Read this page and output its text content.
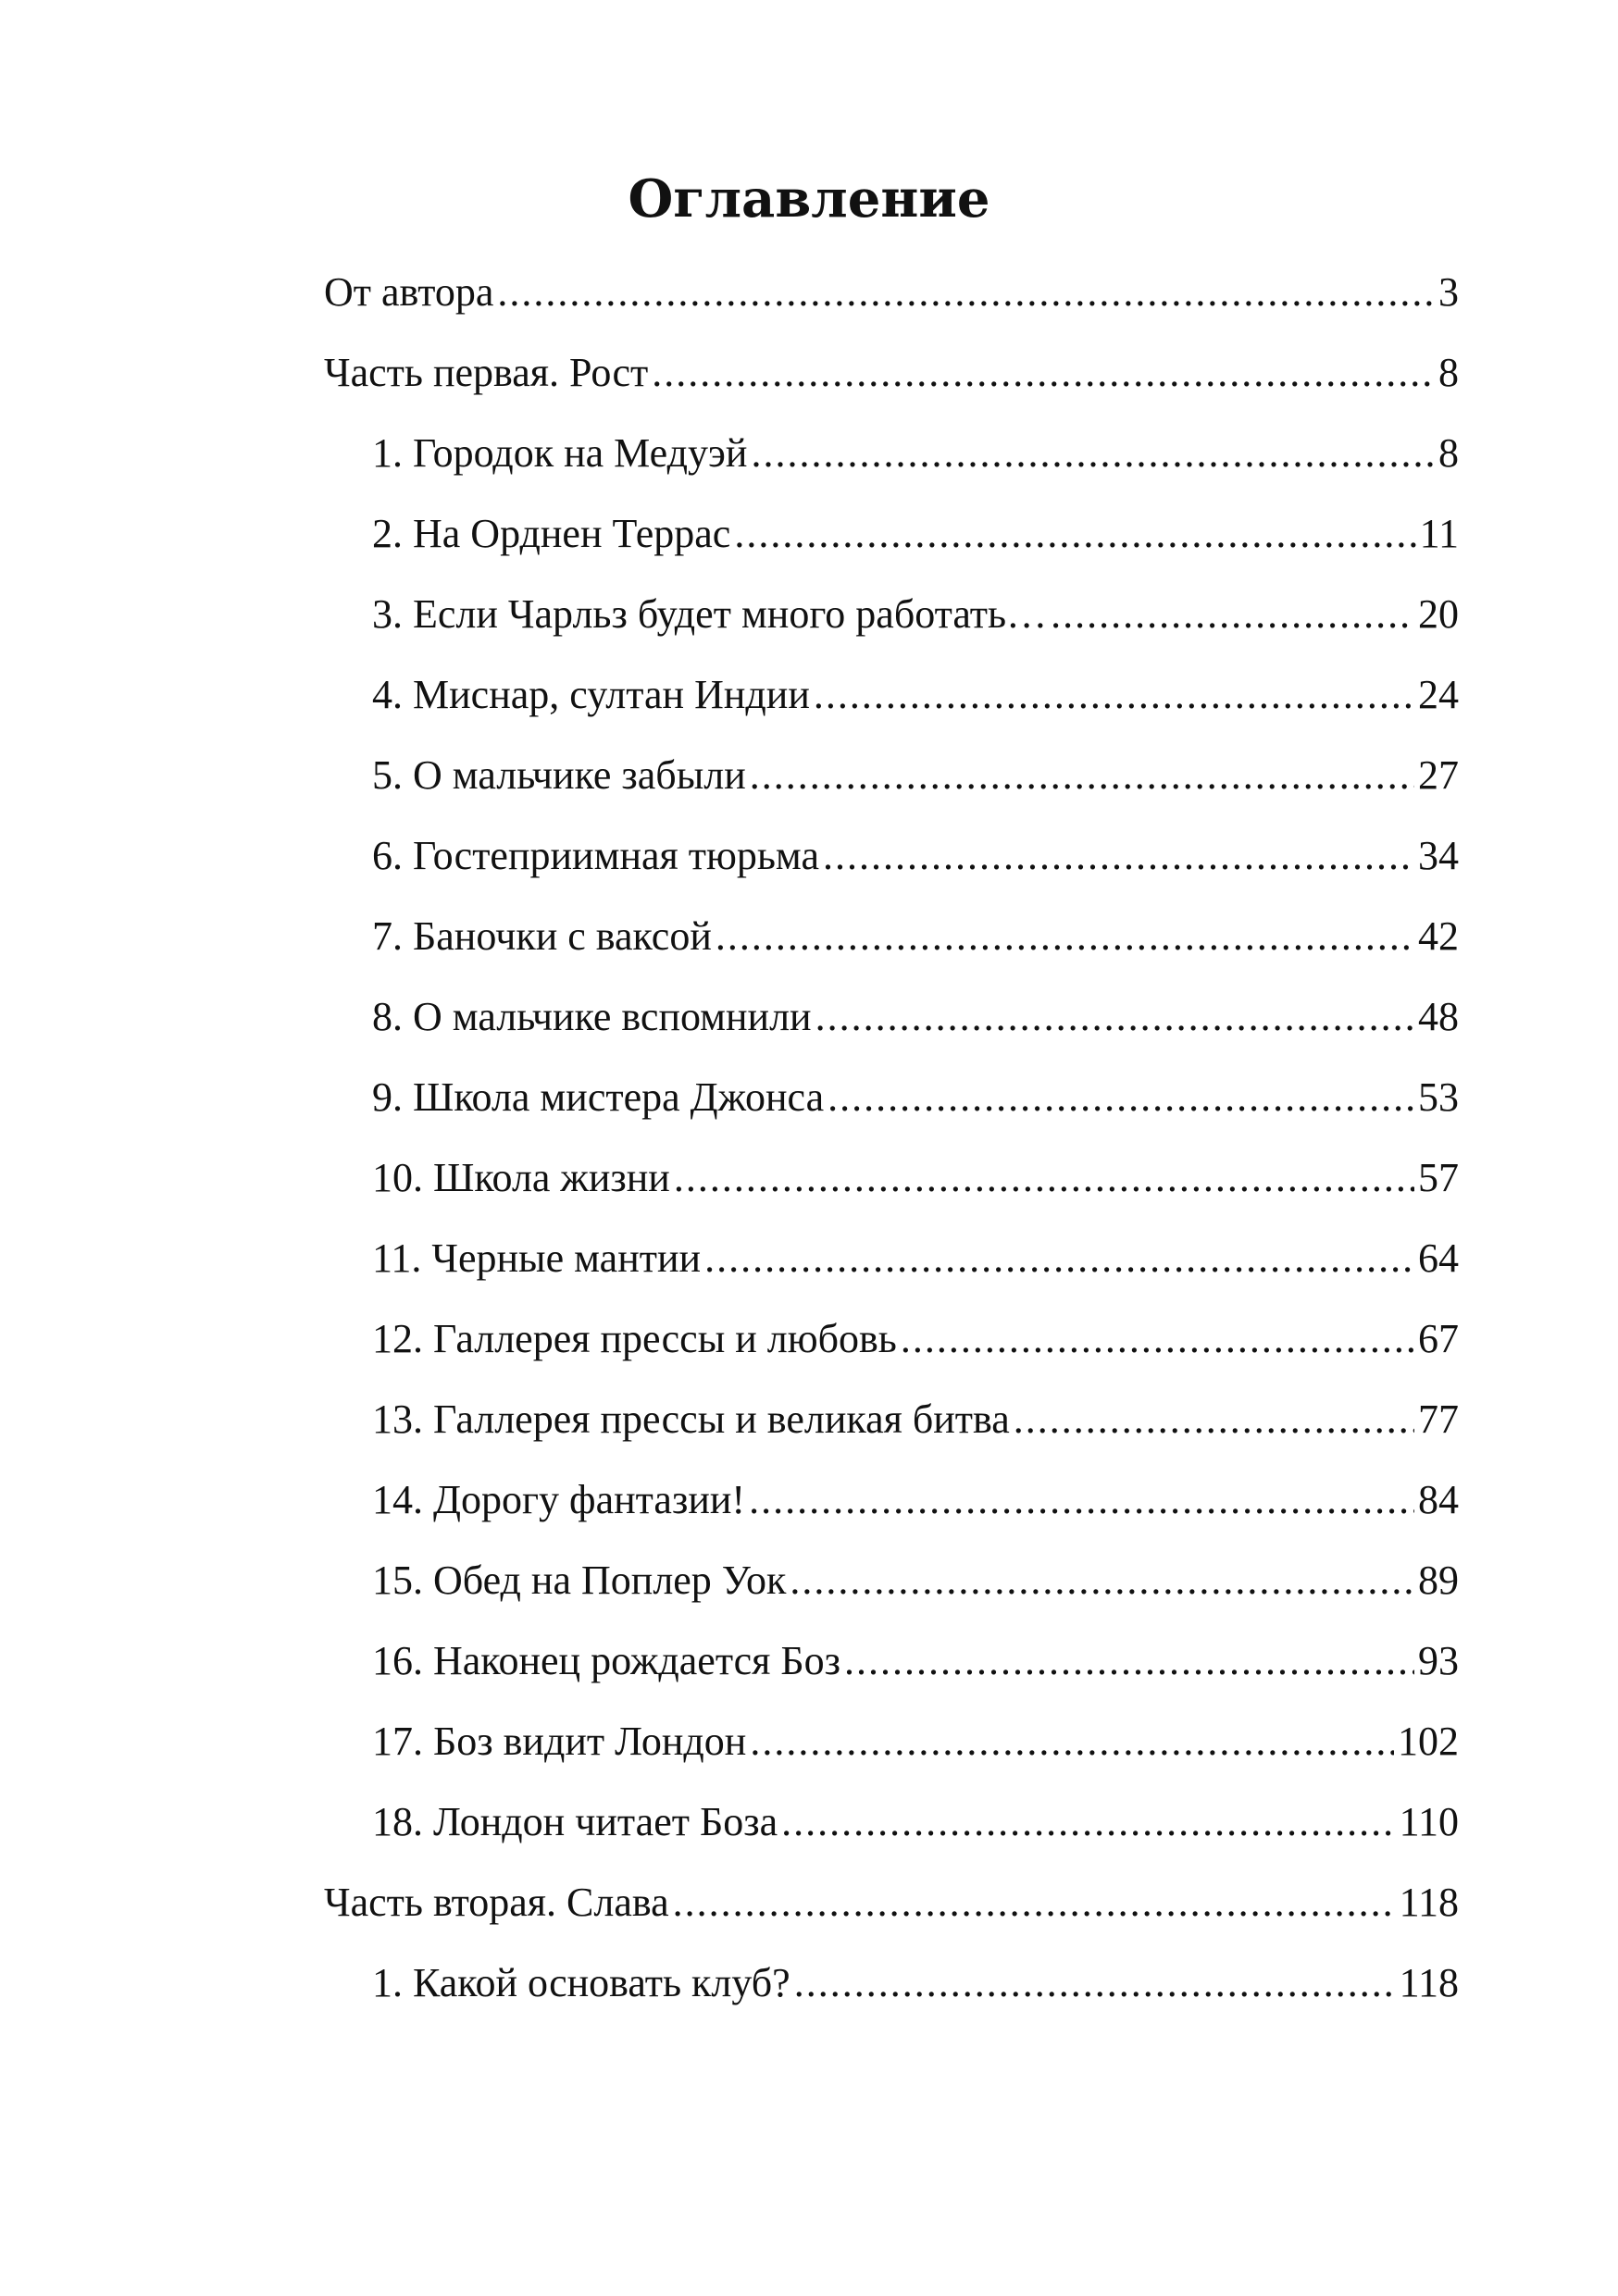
Оглавление
От автора .....	3
Часть первая. Рост .....	8
1. Городок на Медуэй .....	8
2. На Орднен Террас .....	11
3. Если Чарльз будет много работать… .....	20
4. Миснар, султан Индии .....	24
5. О мальчике забыли .....	27
6. Гостеприимная тюрьма .....	34
7. Баночки с ваксой .....	42
8. О мальчике вспомнили .....	48
9. Школа мистера Джонса .....	53
10. Школа жизни .....	57
11. Черные мантии .....	64
12. Галлерея прессы и любовь .....	67
13. Галлерея прессы и великая битва .....	77
14. Дорогу фантазии! .....	84
15. Обед на Поплер Уок .....	89
16. Наконец рождается Боз .....	93
17. Боз видит Лондон .....	102
18. Лондон читает Боза .....	110
Часть вторая. Слава .....	118
1. Какой основать клуб? .....	118
